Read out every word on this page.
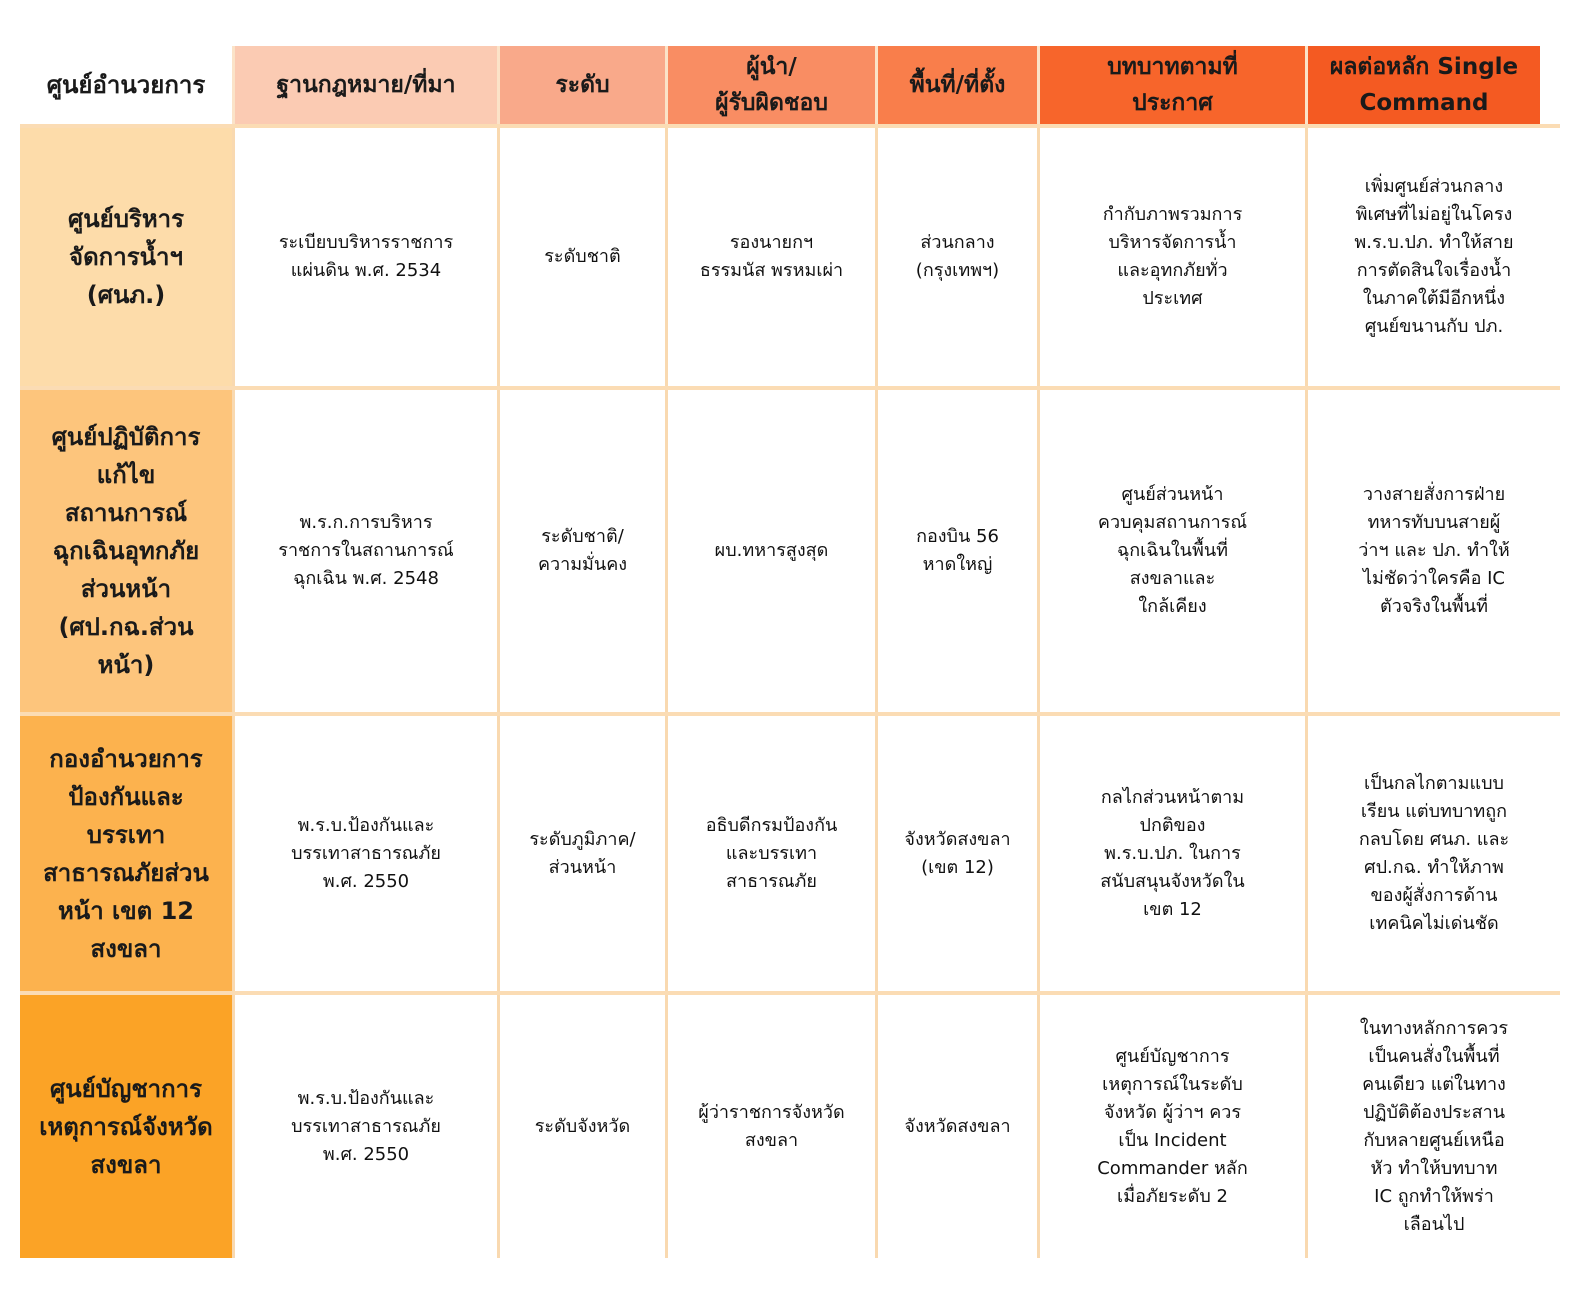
ศูนย์อำนวยการ	ฐานกฎหมาย/ที่มา	ระดับ
ผู้นำ/
ผู้รับผิดชอบ
พื้นที่/ที่ตั้ง
บทบาทตามที่
ประกาศ
ผลต่อหลัก Single
Command
ศูนย์บริหาร
จัดการน้ำฯ
(ศนภ.)
ระเบียบบริหารราชการ
แผ่นดิน พ.ศ. 2534
ระดับชาติ
รองนายกฯ
ธรรมนัส พรหมเผ่า
ส่วนกลาง
(กรุงเทพฯ)
กำกับภาพรวมการ
บริหารจัดการน้ำ
และอุทกภัยทั่ว
ประเทศ
เพิ่มศูนย์ส่วนกลาง
พิเศษที่ไม่อยู่ในโครง
พ.ร.บ.ปภ. ทำให้สาย
การตัดสินใจเรื่องน้ำ
ในภาคใต้มีอีกหนึ่ง
ศูนย์ขนานกับ ปภ.
ศูนย์ปฏิบัติการ
แก้ไข
สถานการณ์
ฉุกเฉินอุทกภัย
ส่วนหน้า
(ศป.กฉ.ส่วน
หน้า)
พ.ร.ก.การบริหาร
ราชการในสถานการณ์
ฉุกเฉิน พ.ศ. 2548
ระดับชาติ/
ความมั่นคง
ผบ.ทหารสูงสุด
กองบิน 56
หาดใหญ่
ศูนย์ส่วนหน้า
ควบคุมสถานการณ์
ฉุกเฉินในพื้นที่
สงขลาและ
ใกล้เคียง
วางสายสั่งการฝ่าย
ทหารทับบนสายผู้
ว่าฯ และ ปภ. ทำให้
ไม่ชัดว่าใครคือ IC
ตัวจริงในพื้นที่
กองอำนวยการ
ป้องกันและ
บรรเทา
สาธารณภัยส่วน
หน้า เขต 12
สงขลา
พ.ร.บ.ป้องกันและ
บรรเทาสาธารณภัย
พ.ศ. 2550
ระดับภูมิภาค/
ส่วนหน้า
อธิบดีกรมป้องกัน
และบรรเทา
สาธารณภัย
จังหวัดสงขลา
(เขต 12)
กลไกส่วนหน้าตาม
ปกติของ
พ.ร.บ.ปภ. ในการ
สนับสนุนจังหวัดใน
เขต 12
เป็นกลไกตามแบบ
เรียน แต่บทบาทถูก
กลบโดย ศนภ. และ
ศป.กฉ. ทำให้ภาพ
ของผู้สั่งการด้าน
เทคนิคไม่เด่นชัด
ศูนย์บัญชาการ
เหตุการณ์จังหวัด
สงขลา
พ.ร.บ.ป้องกันและ
บรรเทาสาธารณภัย
พ.ศ. 2550
ระดับจังหวัด
ผู้ว่าราชการจังหวัด
สงขลา
จังหวัดสงขลา
ศูนย์บัญชาการ
เหตุการณ์ในระดับ
จังหวัด ผู้ว่าฯ ควร
เป็น Incident
Commander หลัก
เมื่อภัยระดับ 2
ในทางหลักการควร
เป็นคนสั่งในพื้นที่
คนเดียว แต่ในทาง
ปฏิบัติต้องประสาน
กับหลายศูนย์เหนือ
หัว ทำให้บทบาท
IC ถูกทำให้พร่า
เลือนไป
